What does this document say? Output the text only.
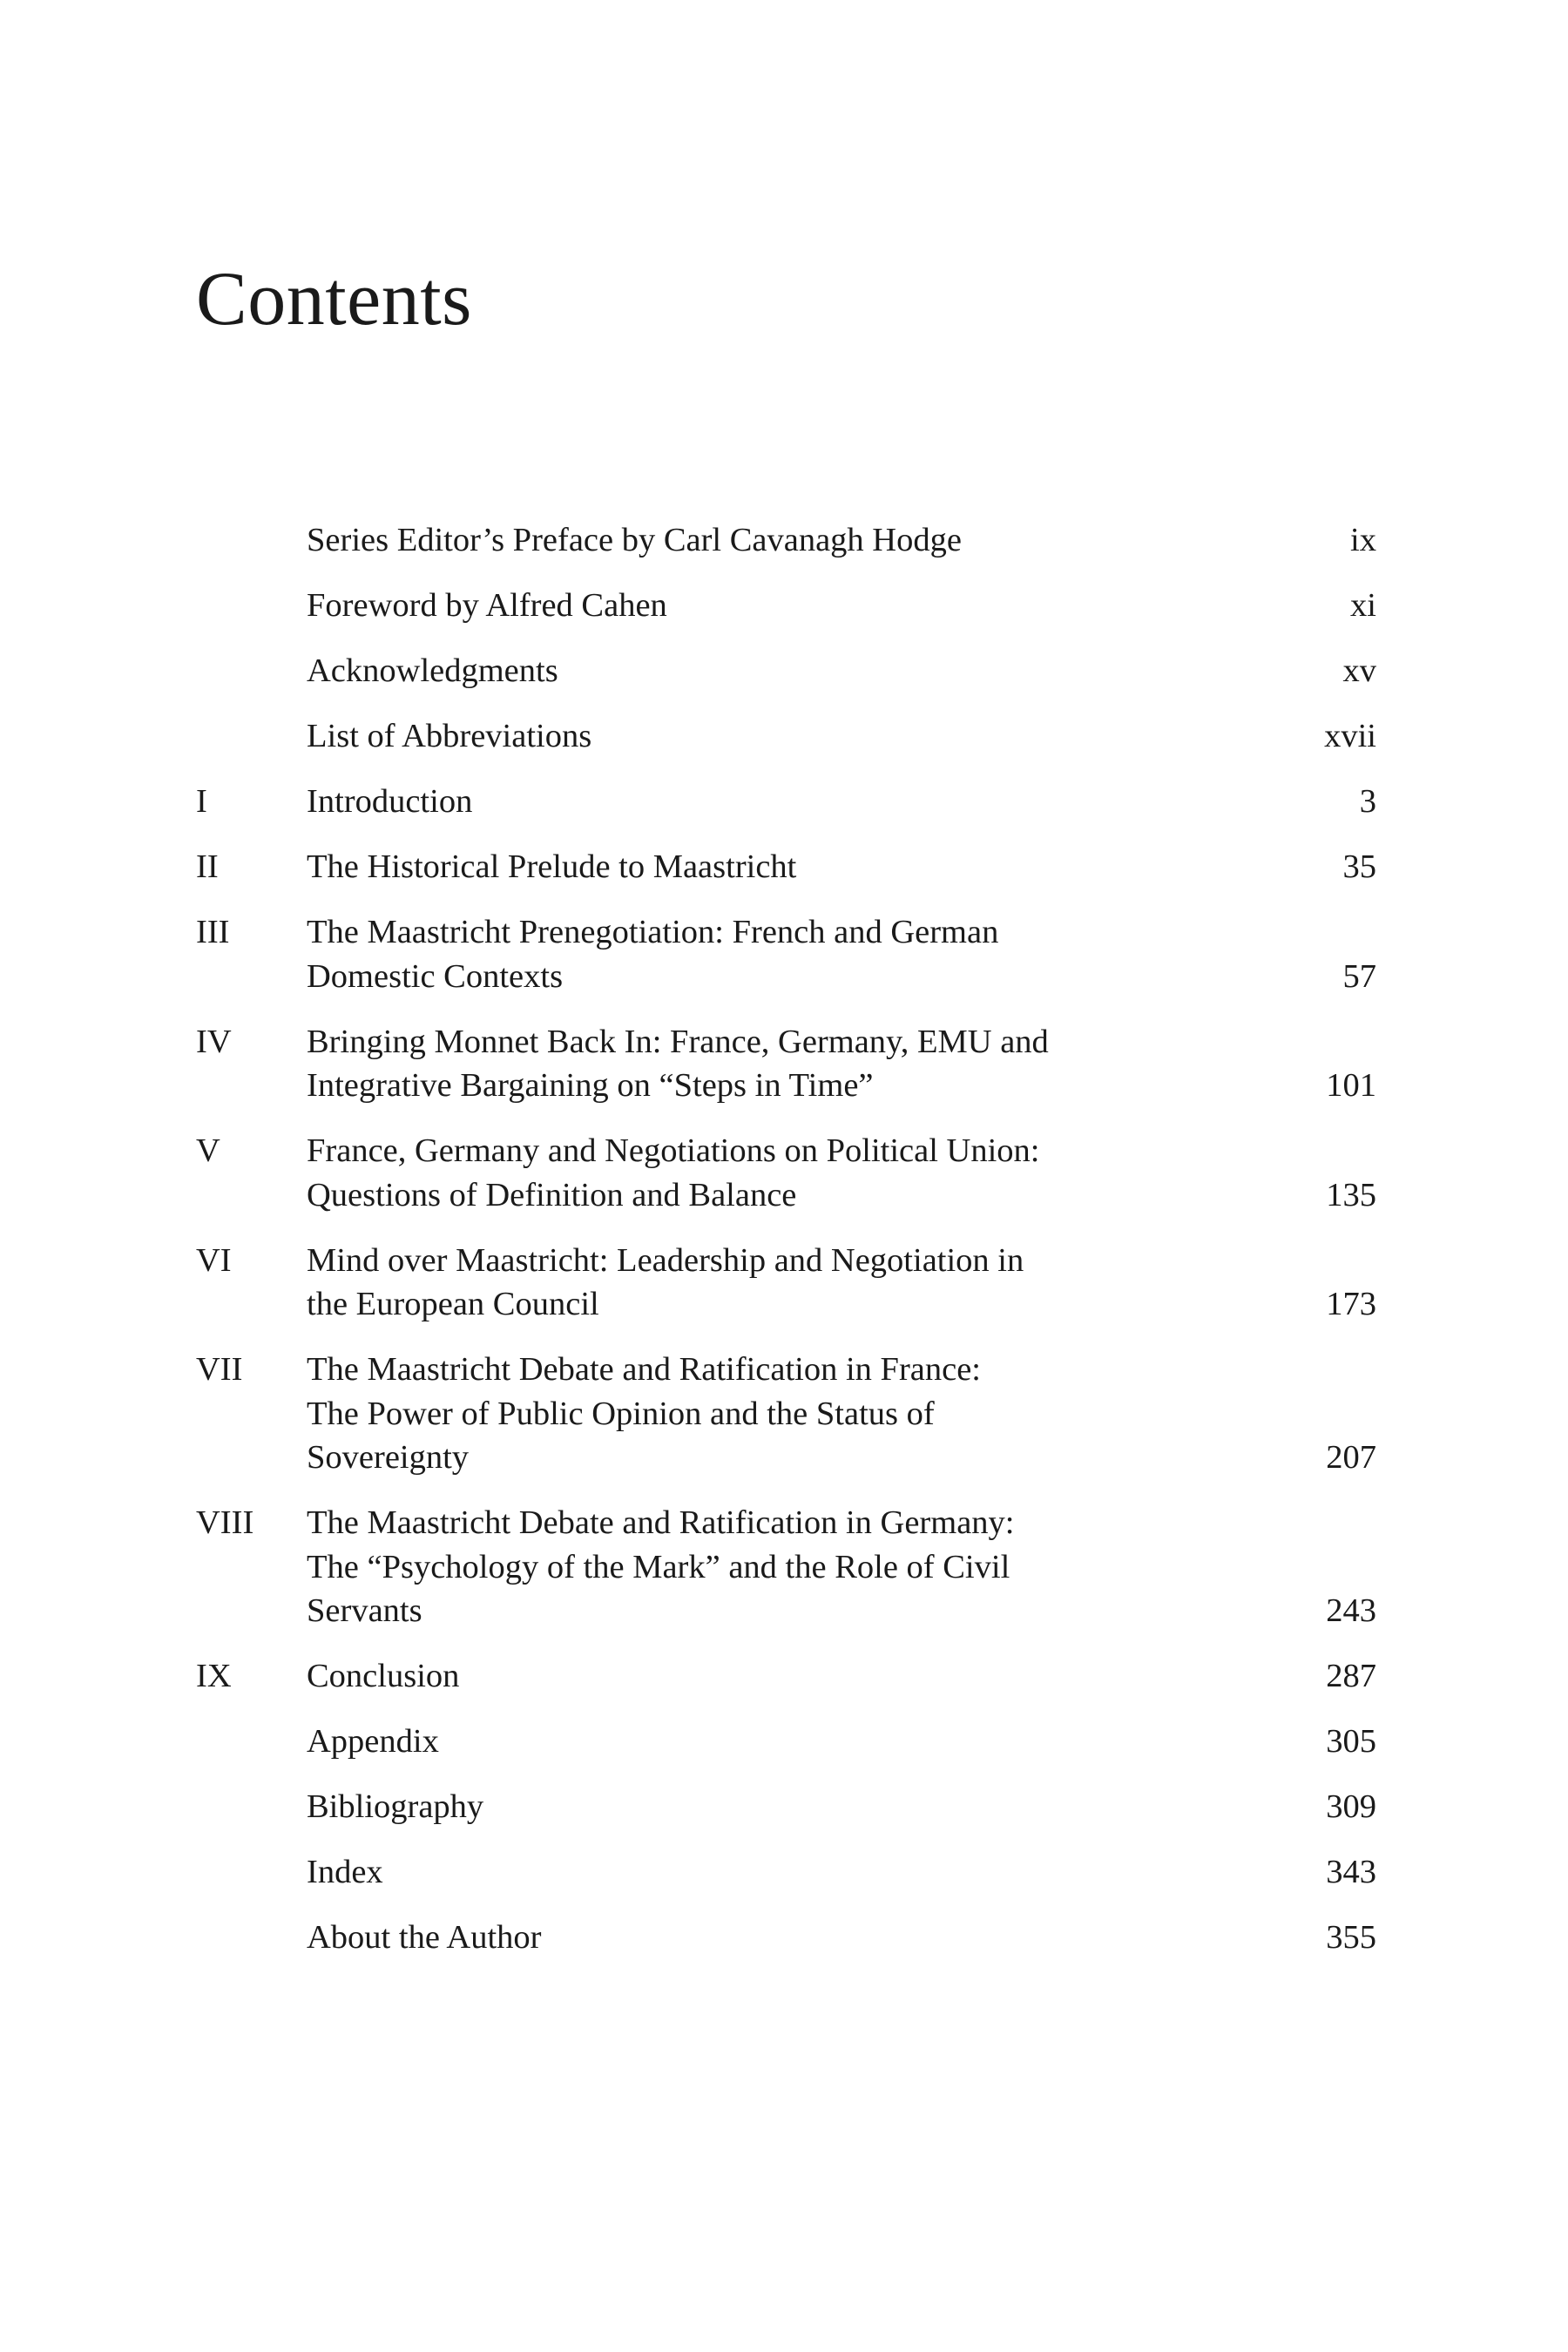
Contents
Series Editor’s Preface by Carl Cavanagh Hodge	ix
Foreword by Alfred Cahen	xi
Acknowledgments	xv
List of Abbreviations	xvii
I	Introduction	3
II	The Historical Prelude to Maastricht	35
III	The Maastricht Prenegotiation: French and German
Domestic Contexts	57
IV	Bringing Monnet Back In: France, Germany, EMU and
Integrative Bargaining on “Steps in Time”	101
V	France, Germany and Negotiations on Political Union:
Questions of Definition and Balance	135
VI	Mind over Maastricht: Leadership and Negotiation in
the European Council	173
VII	The Maastricht Debate and Ratification in France:
The Power of Public Opinion and the Status of
Sovereignty	207
VIII	The Maastricht Debate and Ratification in Germany:
The “Psychology of the Mark” and the Role of Civil
Servants	243
IX	Conclusion	287
Appendix	305
Bibliography	309
Index	343
About the Author	355
